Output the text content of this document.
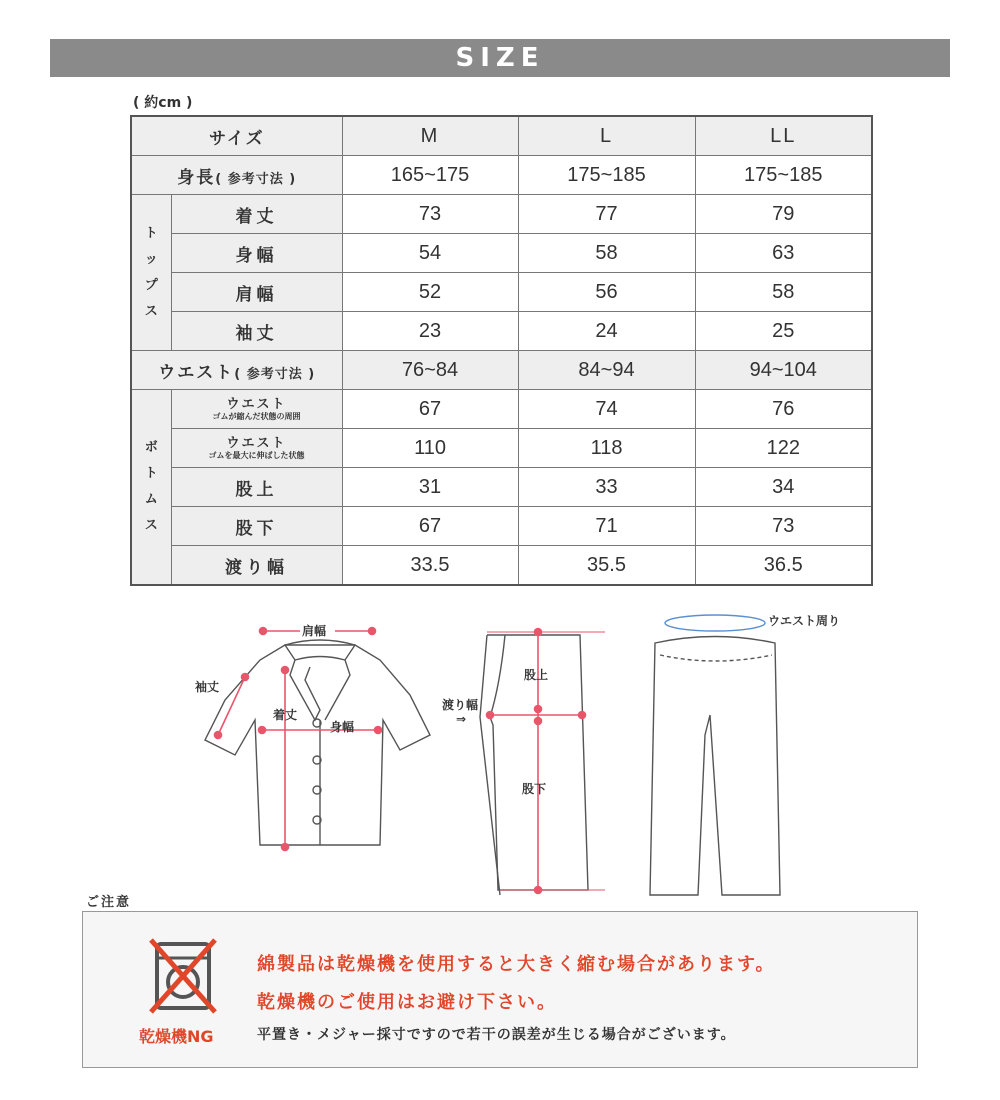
SIZE
( 約cm )
サイズ		M	L	LL
身長( 参考寸法 )		165~175	175~185	175~185
ト
ッ
プ
ス	着丈	73	77	79
	身幅	54	58	63
	肩幅	52	56	58
	袖丈	23	24	25
ウエスト( 参考寸法 )		76~84	84~94	94~104
ボ
ト
ム
ス	ウエスト
ゴムが縮んだ状態の周囲	67	74	76

	ウエスト
ゴムを最大に伸ばした状態	110	118	122
	股上	31	33	34
	股下	67	71	73
	渡り幅	33.5	35.5	36.5
肩幅
袖丈
着丈
身幅
股上
渡り幅
⇒
股下
ウエスト周り
ご注意
乾燥機NG
綿製品は乾燥機を使用すると大きく縮む場合があります。
乾燥機のご使用はお避け下さい。
平置き・メジャー採寸ですので若干の誤差が生じる場合がございます。
